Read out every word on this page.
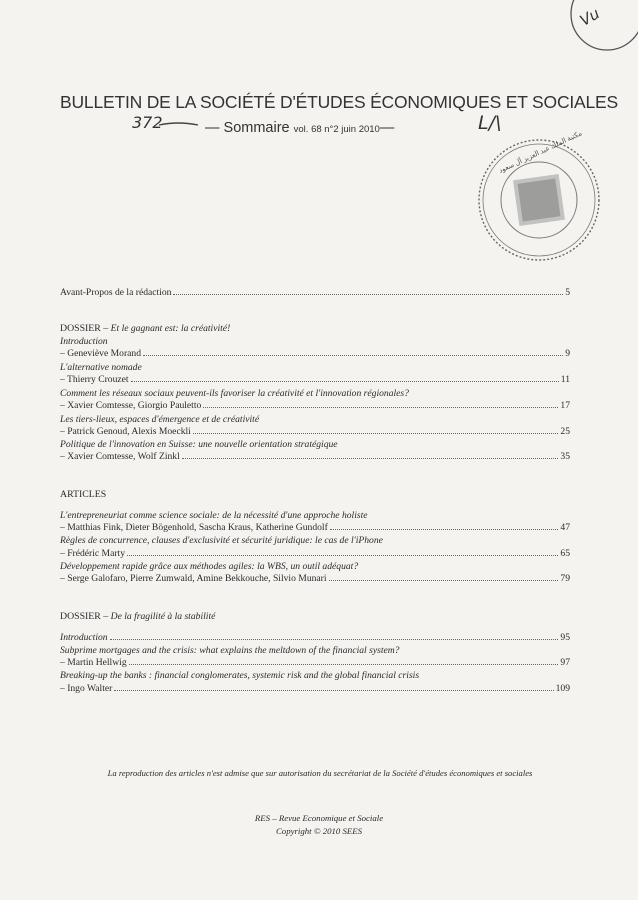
Vu
BULLETIN DE LA SOCIÉTÉ D'ÉTUDES ÉCONOMIQUES ET SOCIALES
372	— Sommaire vol. 68 n°2 juin 2010—	L/\
مكتبة الملك عبد العزيز آل سعود
Avant-Propos de la rédaction	5
DOSSIER – Et le gagnant est: la créativité!
Introduction
– Geneviève Morand	9
L'alternative nomade
– Thierry Crouzet	11
Comment les réseaux sociaux peuvent-ils favoriser la créativité et l'innovation régionales?
– Xavier Comtesse, Giorgio Pauletto	17
Les tiers-lieux, espaces d'émergence et de créativité
– Patrick Genoud, Alexis Moeckli	25
Politique de l'innovation en Suisse: une nouvelle orientation stratégique
– Xavier Comtesse, Wolf Zinkl	35
ARTICLES
L'entrepreneuriat comme science sociale: de la nécessité d'une approche holiste
– Matthias Fink, Dieter Bögenhold, Sascha Kraus, Katherine Gundolf	47
Règles de concurrence, clauses d'exclusivité et sécurité juridique: le cas de l'iPhone
– Frédéric Marty	65
Développement rapide grâce aux méthodes agiles: la WBS, un outil adéquat?
– Serge Galofaro, Pierre Zumwald, Amine Bekkouche, Silvio Munari	79
DOSSIER – De la fragilité à la stabilité
Introduction	95
Subprime mortgages and the crisis: what explains the meltdown of the financial system?
– Martin Hellwig	97
Breaking-up the banks : financial conglomerates, systemic risk and the global financial crisis
– Ingo Walter	109
La reproduction des articles n'est admise que sur autorisation du secrétariat de la Société d'études économiques et sociales
RES – Revue Economique et Sociale
Copyright © 2010 SEES
